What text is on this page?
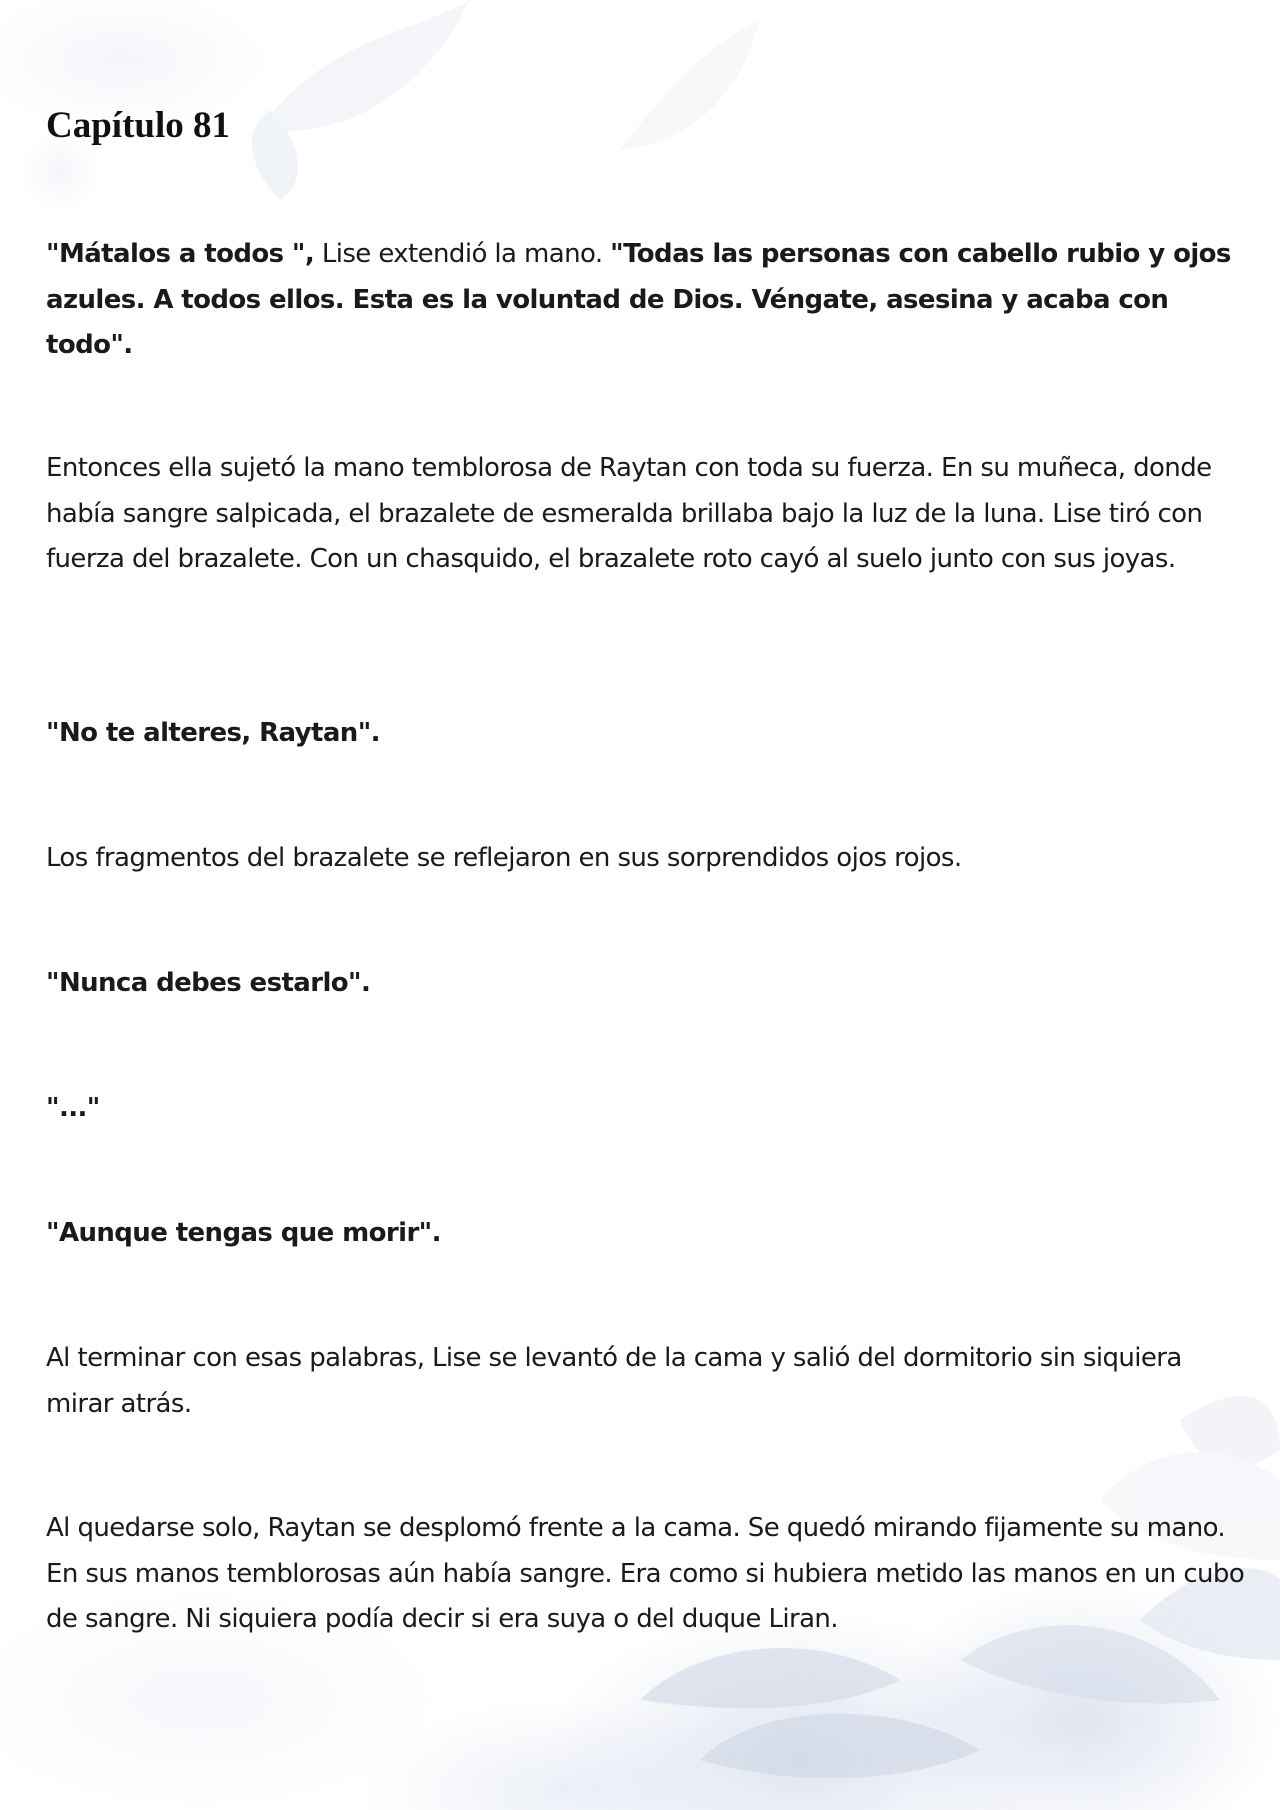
Capítulo 81

"Mátalos a todos ", Lise extendió la mano. "Todas las personas con cabello rubio y ojos azules. A todos ellos. Esta es la voluntad de Dios. Véngate, asesina y acaba con todo".

Entonces ella sujetó la mano temblorosa de Raytan con toda su fuerza. En su muñeca, donde había sangre salpicada, el brazalete de esmeralda brillaba bajo la luz de la luna. Lise tiró con fuerza del brazalete. Con un chasquido, el brazalete roto cayó al suelo junto con sus joyas.

"No te alteres, Raytan".

Los fragmentos del brazalete se reflejaron en sus sorprendidos ojos rojos.

"Nunca debes estarlo".

"..."

"Aunque tengas que morir".

Al terminar con esas palabras, Lise se levantó de la cama y salió del dormitorio sin siquiera mirar atrás.

Al quedarse solo, Raytan se desplomó frente a la cama. Se quedó mirando fijamente su mano. En sus manos temblorosas aún había sangre. Era como si hubiera metido las manos en un cubo de sangre. Ni siquiera podía decir si era suya o del duque Liran.
